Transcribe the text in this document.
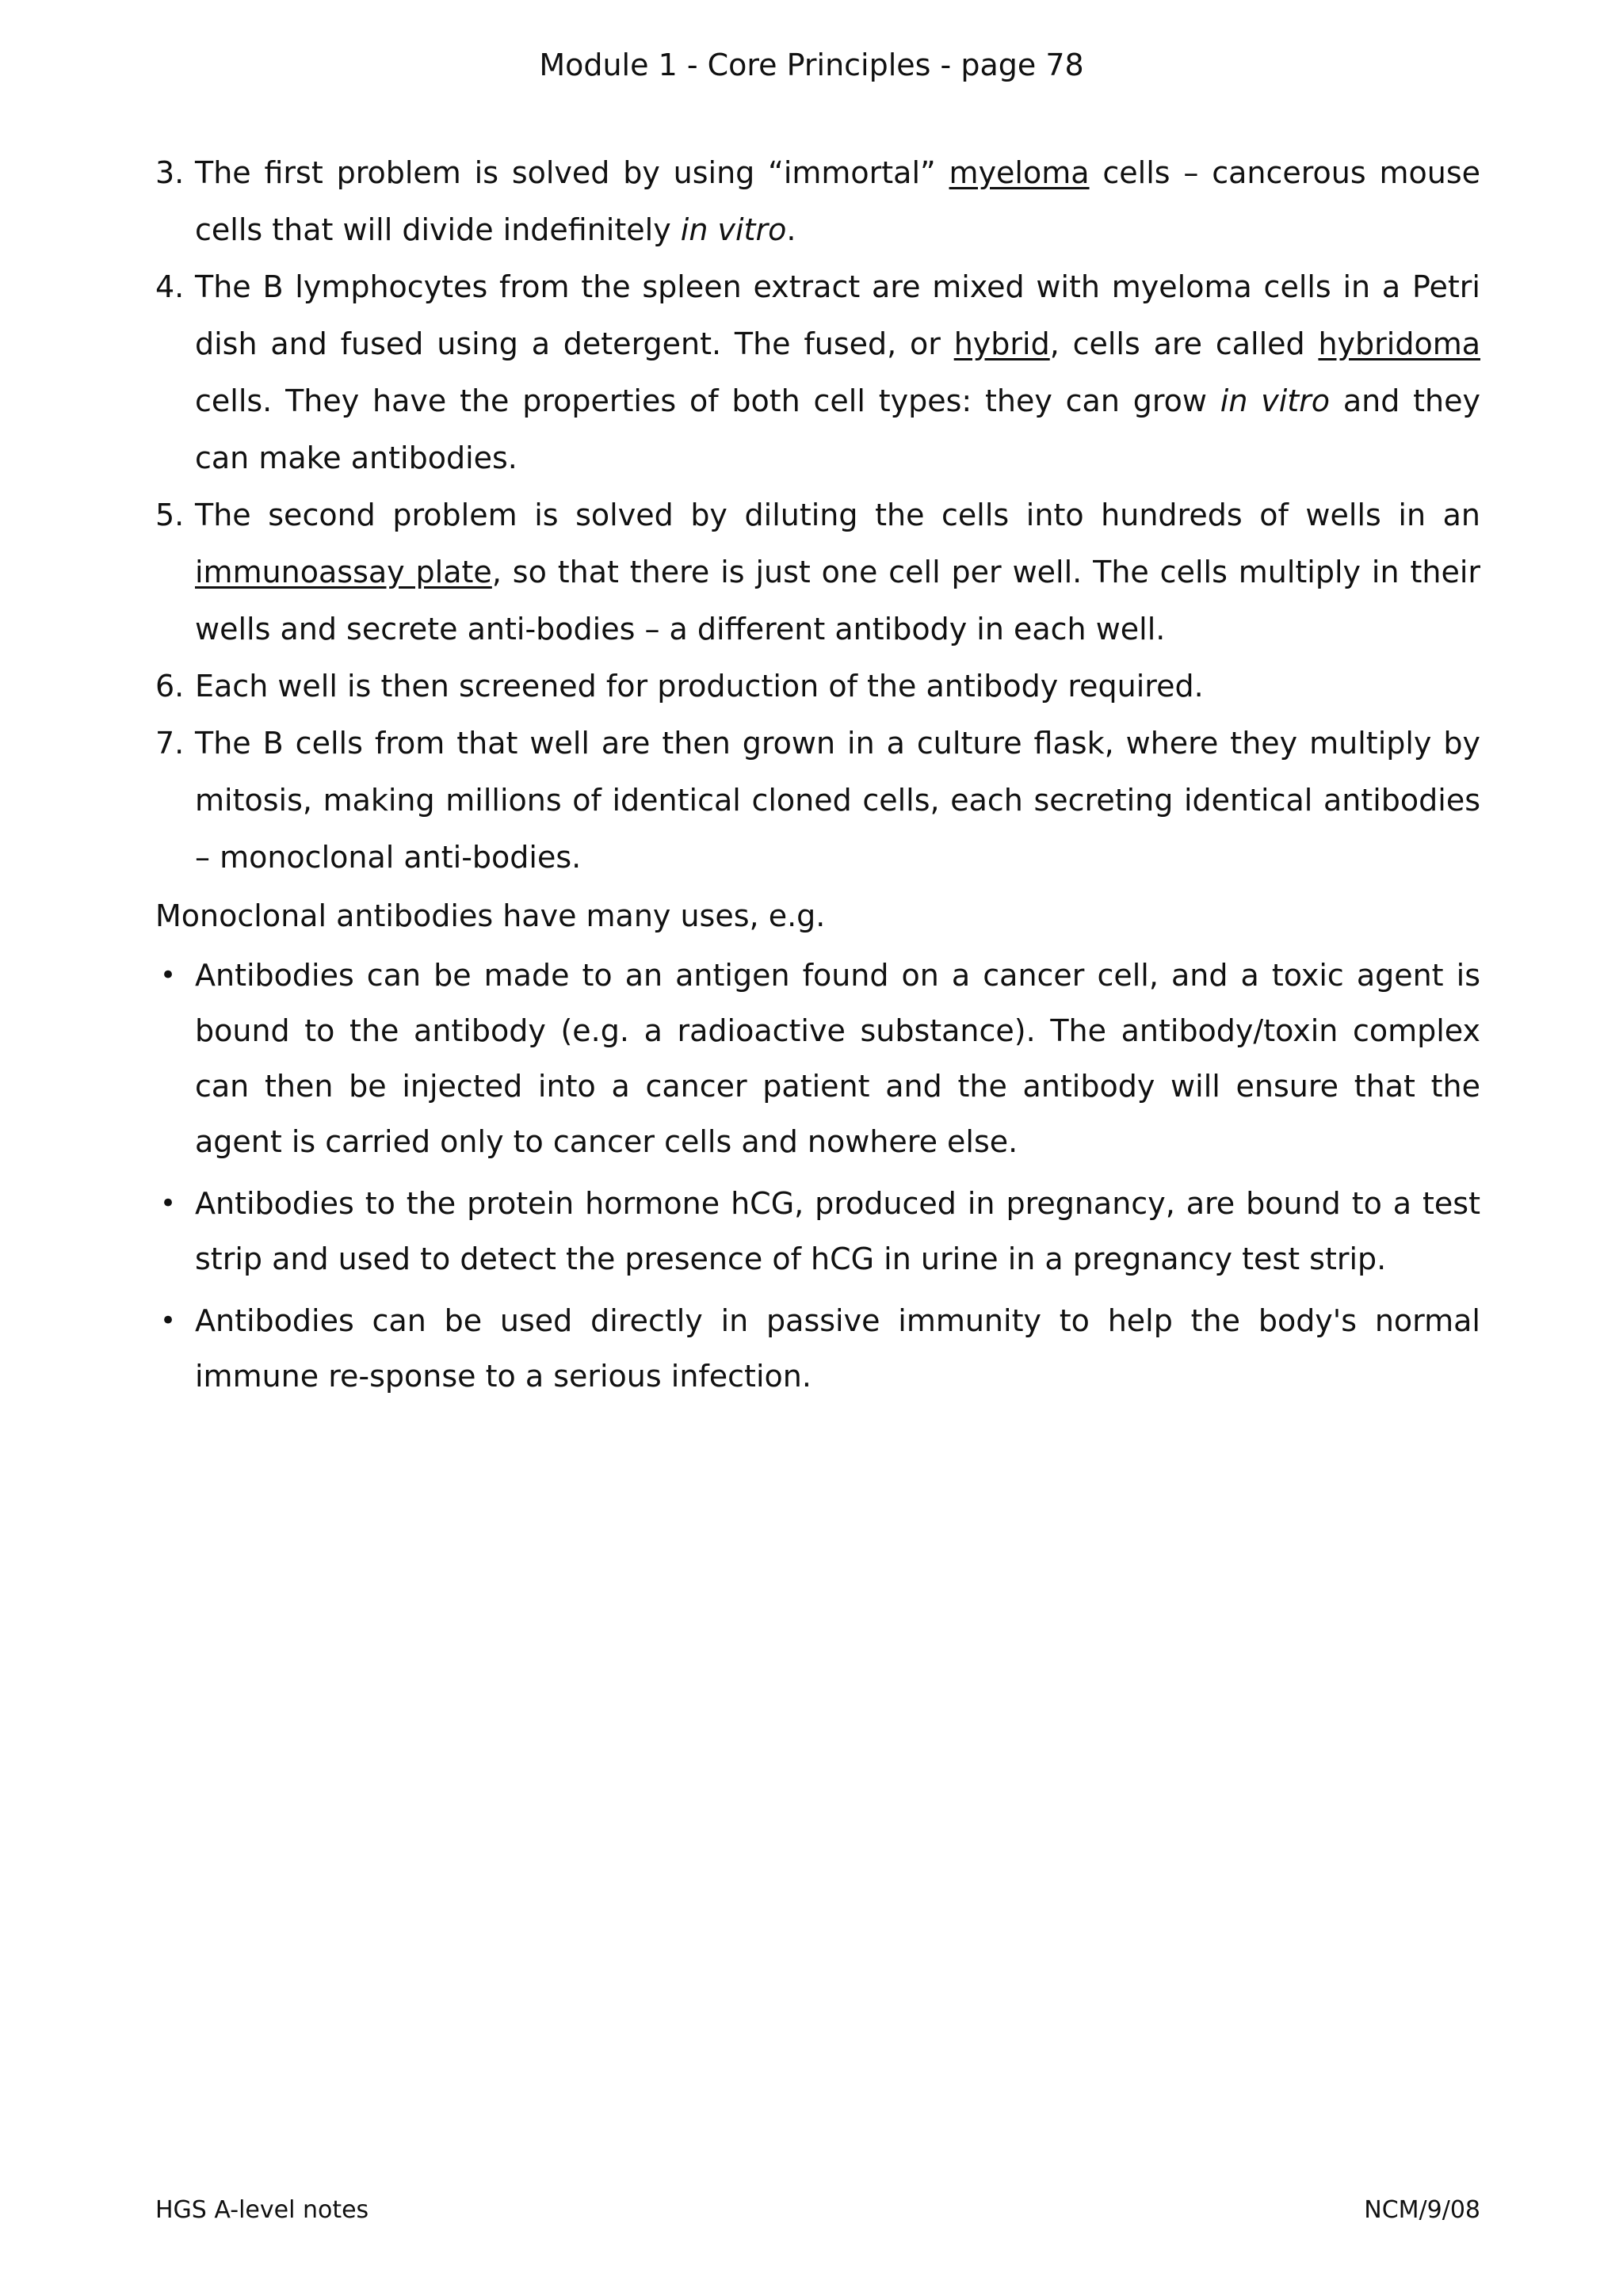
Module 1 - Core Principles - page 78
3. The first problem is solved by using “immortal” myeloma cells – cancerous mouse cells that will divide indefinitely in vitro.
4. The B lymphocytes from the spleen extract are mixed with myeloma cells in a Petri dish and fused using a detergent. The fused, or hybrid, cells are called hybridoma cells. They have the properties of both cell types: they can grow in vitro and they can make antibodies.
5. The second problem is solved by diluting the cells into hundreds of wells in an immunoassay plate, so that there is just one cell per well. The cells multiply in their wells and secrete anti-bodies – a different antibody in each well.
6. Each well is then screened for production of the antibody required.
7. The B cells from that well are then grown in a culture flask, where they multiply by mitosis, making millions of identical cloned cells, each secreting identical antibodies – monoclonal anti-bodies.

Monoclonal antibodies have many uses, e.g.

• Antibodies can be made to an antigen found on a cancer cell, and a toxic agent is bound to the antibody (e.g. a radioactive substance). The antibody/toxin complex can then be injected into a cancer patient and the antibody will ensure that the agent is carried only to cancer cells and nowhere else.
• Antibodies to the protein hormone hCG, produced in pregnancy, are bound to a test strip and used to detect the presence of hCG in urine in a pregnancy test strip.
• Antibodies can be used directly in passive immunity to help the body's normal immune re-sponse to a serious infection.
HGS A-level notes	NCM/9/08
